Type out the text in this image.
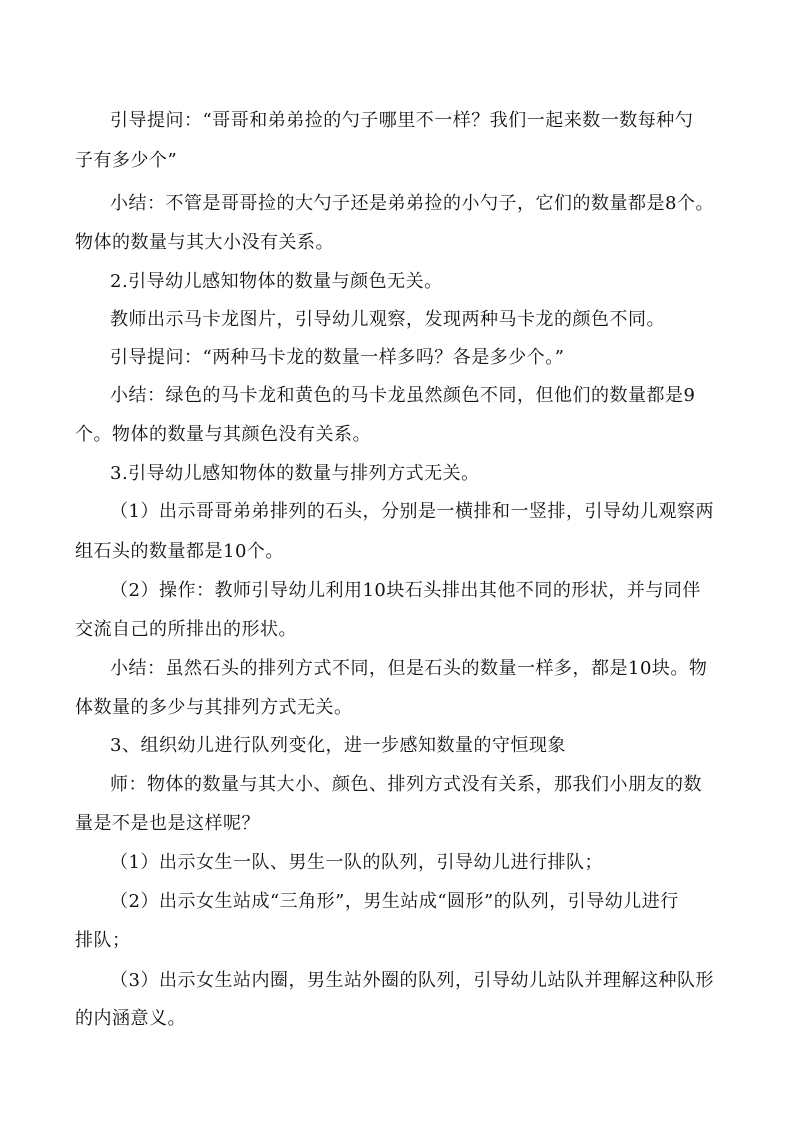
引导提问：“哥哥和弟弟捡的勺子哪里不一样？我们一起来数一数每种勺
子有多少个”
小结：不管是哥哥捡的大勺子还是弟弟捡的小勺子，它们的数量都是8个。
物体的数量与其大小没有关系。
2.引导幼儿感知物体的数量与颜色无关。
教师出示马卡龙图片，引导幼儿观察，发现两种马卡龙的颜色不同。
引导提问：“两种马卡龙的数量一样多吗？各是多少个。”
小结：绿色的马卡龙和黄色的马卡龙虽然颜色不同，但他们的数量都是9
个。物体的数量与其颜色没有关系。
3.引导幼儿感知物体的数量与排列方式无关。
（1）出示哥哥弟弟排列的石头，分别是一横排和一竖排，引导幼儿观察两
组石头的数量都是10个。
（2）操作：教师引导幼儿利用10块石头排出其他不同的形状，并与同伴
交流自己的所排出的形状。
小结：虽然石头的排列方式不同，但是石头的数量一样多，都是10块。物
体数量的多少与其排列方式无关。
3、组织幼儿进行队列变化，进一步感知数量的守恒现象
师：物体的数量与其大小、颜色、排列方式没有关系，那我们小朋友的数
量是不是也是这样呢？
（1）出示女生一队、男生一队的队列，引导幼儿进行排队；
（2）出示女生站成“三角形”，男生站成“圆形”的队列，引导幼儿进行
排队；
（3）出示女生站内圈，男生站外圈的队列，引导幼儿站队并理解这种队形
的内涵意义。
